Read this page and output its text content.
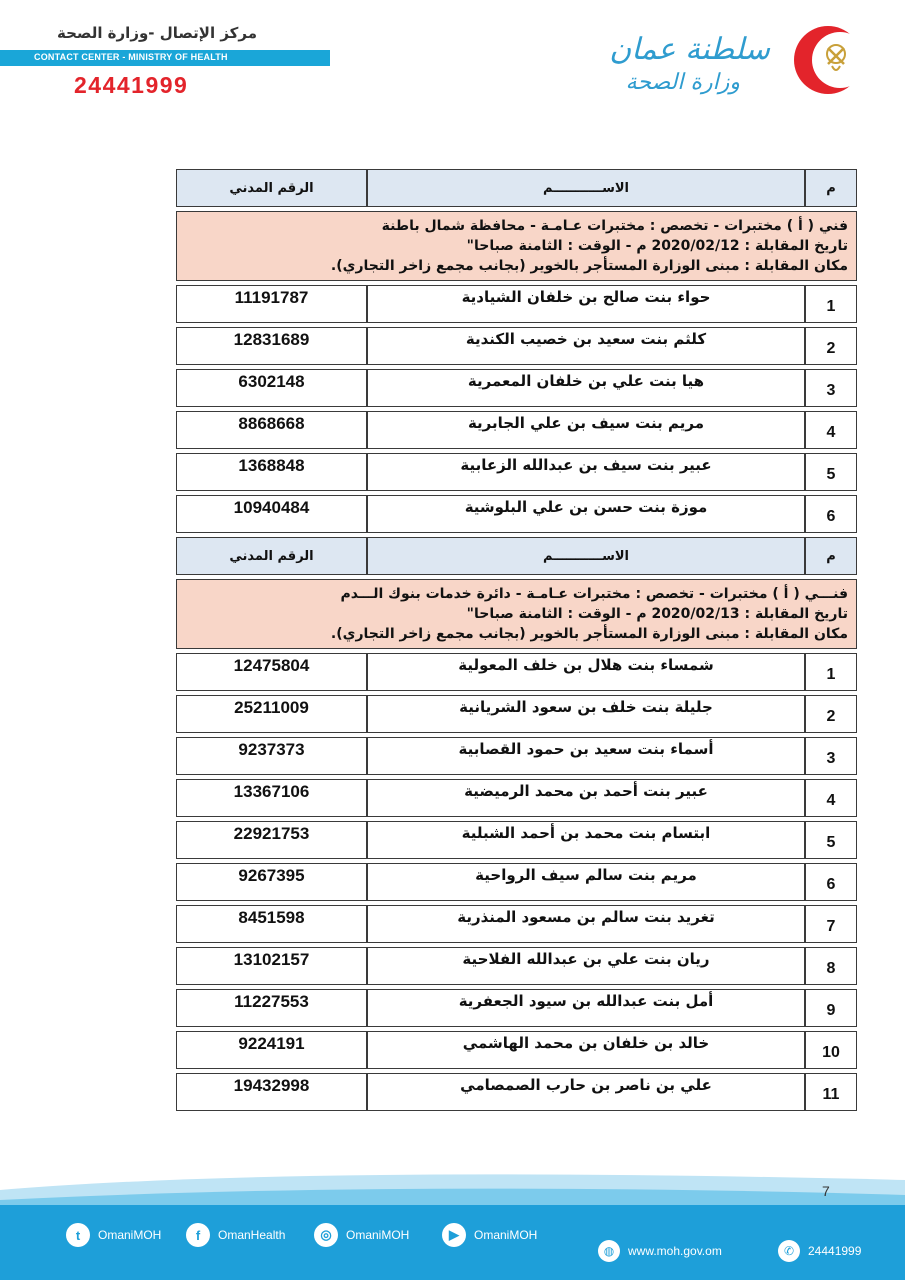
مركز الإتصال -وزارة الصحة
CONTACT CENTER - MINISTRY OF HEALTH
24441999
سلطنة عمان
وزارة الصحة
م	الاســـــــــــم	الرقم المدني

فني ( أ ) مختبرات - تخصص : مختبرات عـامـة - محافظة شمال باطنة
تاريخ المقابلة : 2020/02/12 م - الوقت : الثامنة صباحا"
مكان المقابلة : مبنى الوزارة المستأجر بالخوير (بجانب مجمع زاخر التجاري).		

1	حواء بنت صالح بن خلفان الشيادية	11191787

2	كلثم بنت سعيد بن خصيب الكندية	12831689

3	هيا بنت علي بن خلفان المعمرية	6302148

4	مريم بنت سيف بن علي الجابرية	8868668

5	عبير بنت سيف بن عبدالله الزعابية	1368848

6	موزة بنت حسن بن علي البلوشية	10940484

م	الاســـــــــــم	الرقم المدني

فنـــي ( أ ) مختبرات - تخصص : مختبرات عـامـة - دائرة خدمات بنوك الـــدم
تاريخ المقابلة : 2020/02/13 م - الوقت : الثامنة صباحا"
مكان المقابلة : مبنى الوزارة المستأجر بالخوير (بجانب مجمع زاخر التجاري).		

1	شمساء بنت هلال بن خلف المعولية	12475804

2	جليلة بنت خلف بن سعود الشريانية	25211009

3	أسماء بنت سعيد بن حمود القصابية	9237373

4	عبير بنت أحمد بن محمد الرميضية	13367106

5	ابتسام بنت محمد بن أحمد الشبلية	22921753

6	مريم بنت سالم سيف الرواحية	9267395

7	تغريد بنت سالم بن مسعود المنذرية	8451598

8	ريان بنت علي بن عبدالله الفلاحية	13102157

9	أمل بنت عبدالله بن سيود الجعفرية	11227553

10	خالد بن خلفان بن محمد الهاشمي	9224191

11	علي بن ناصر بن حارب الصمصامي	19432998
7
t	OmaniMOH	f	OmanHealth	◎	OmaniMOH	▶	OmaniMOH
◍	www.moh.gov.om	✆	24441999
